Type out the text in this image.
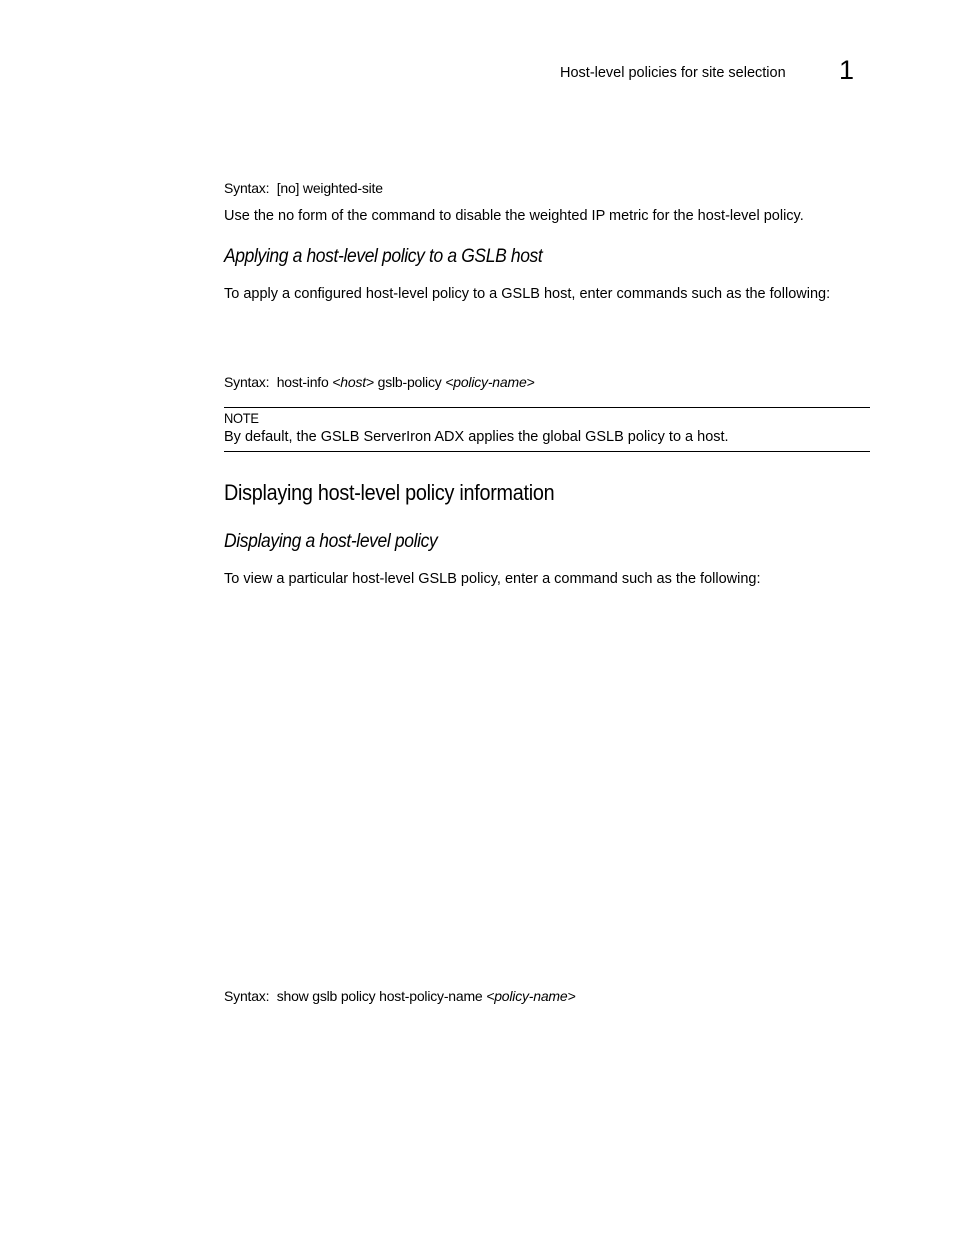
Host-level policies for site selection 1
Syntax: [no] weighted-site
Use the no form of the command to disable the weighted IP metric for the host-level policy.
Applying a host-level policy to a GSLB host
To apply a configured host-level policy to a GSLB host, enter commands such as the following:
Syntax: host-info <host> gslb-policy <policy-name>
NOTE
By default, the GSLB ServerIron ADX applies the global GSLB policy to a host.
Displaying host-level policy information
Displaying a host-level policy
To view a particular host-level GSLB policy, enter a command such as the following:
Syntax: show gslb policy host-policy-name <policy-name>
